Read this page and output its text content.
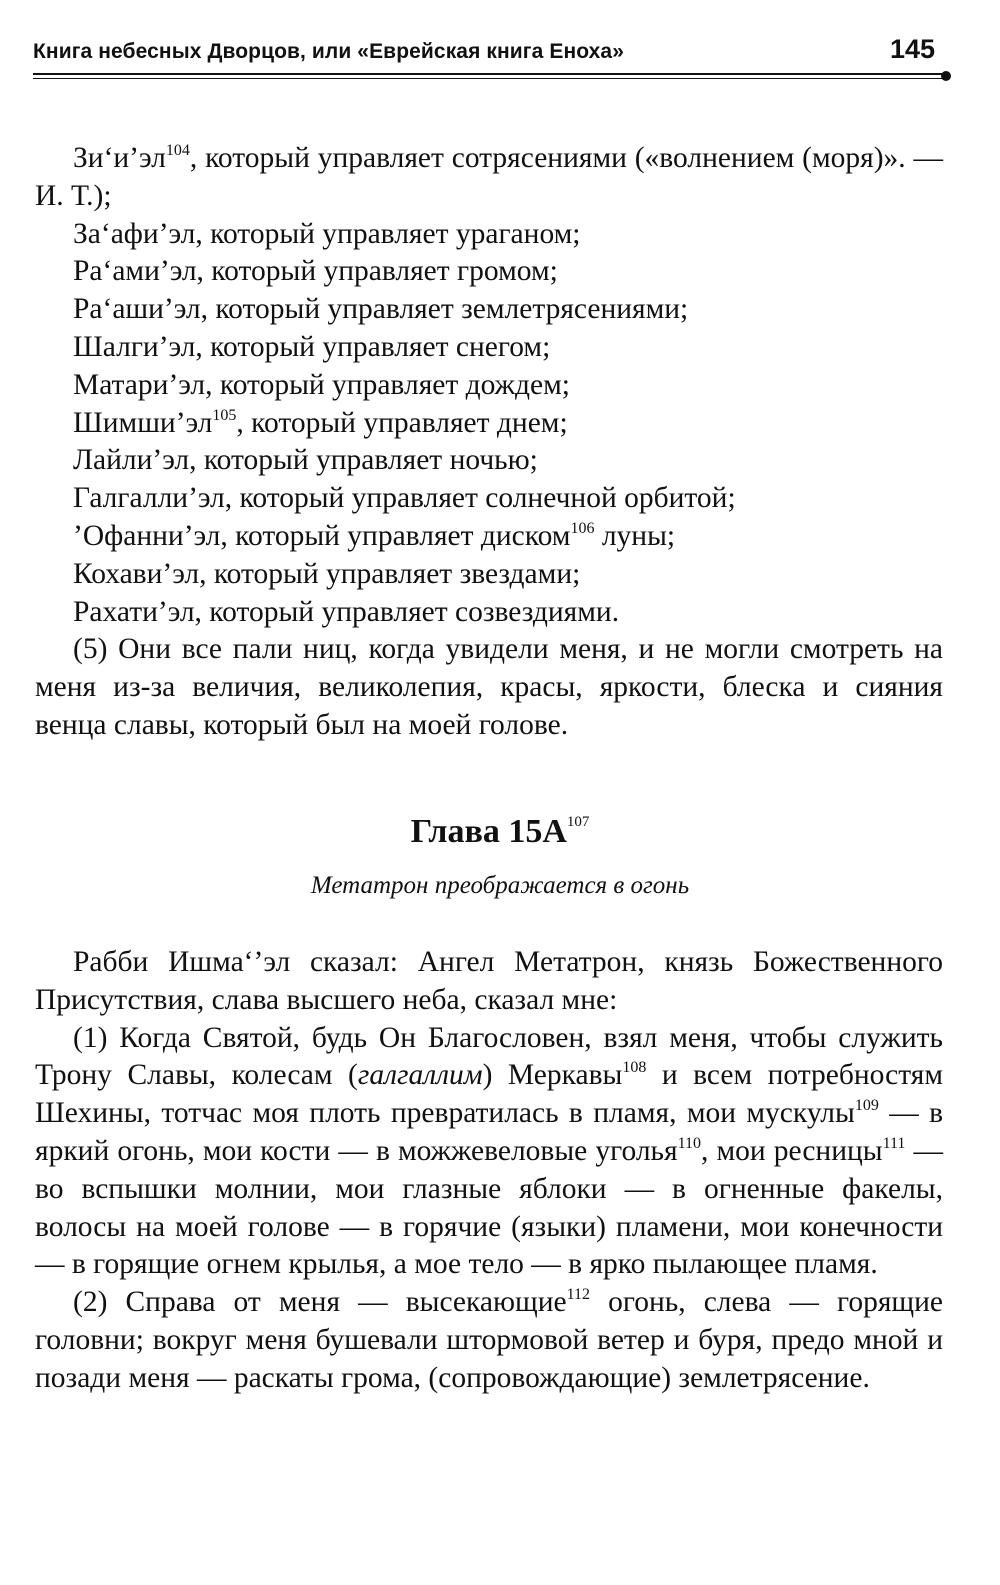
Книга небесных Дворцов, или «Еврейская книга Еноха»	145

$Зи‘и’эл^{104}$, который управляет сотрясениями («волнением (моря)». — И. Т.);

За‘афи’эл, который управляет ураганом;

Ра‘ами’эл, который управляет громом;

Ра‘аши’эл, который управляет землетрясениями;

Шалги’эл, который управляет снегом;

Матари’эл, который управляет дождем;

$Шимши’эл^{105}$, который управляет днем;

Лайли’эл, который управляет ночью;

Галгалли’эл, который управляет солнечной орбитой;

’Офанни’эл, который управляет диском$^{106}$ луны;

Кохави’эл, который управляет звездами;

Рахати’эл, который управляет созвездиями.

(5) Они все пали ниц, когда увидели меня, и не могли смотреть на меня из-за величия, великолепия, красы, яркости, блеска и сияния венца славы, который был на моей голове.

Глава $15А^{107}$
Метатрон преображается в огонь

Рабби Ишма‘’эл сказал: Ангел Метатрон, князь Божественного Присутствия, слава высшего неба, сказал мне:

(1) Когда Святой, будь Он Благословен, взял меня, чтобы служить Трону Славы, колесам (галгаллим) Меркавы$^{108}$ и всем потребностям Шехины, тотчас моя плоть превратилась в пламя, мои мускулы$^{109}$ — в яркий огонь, мои кости — в можжевеловые уголья$^{110}$, мои ресницы$^{111}$ — во вспышки молнии, мои глазные яблоки — в огненные факелы, волосы на моей голове — в горячие (языки) пламени, мои конечности — в горящие огнем крылья, а мое тело — в ярко пылающее пламя.

(2) Справа от меня — высекающие$^{112}$ огонь, слева — горящие головни; вокруг меня бушевали штормовой ветер и буря, предо мной и позади меня — раскаты грома, (сопровождающие) землетрясение.
